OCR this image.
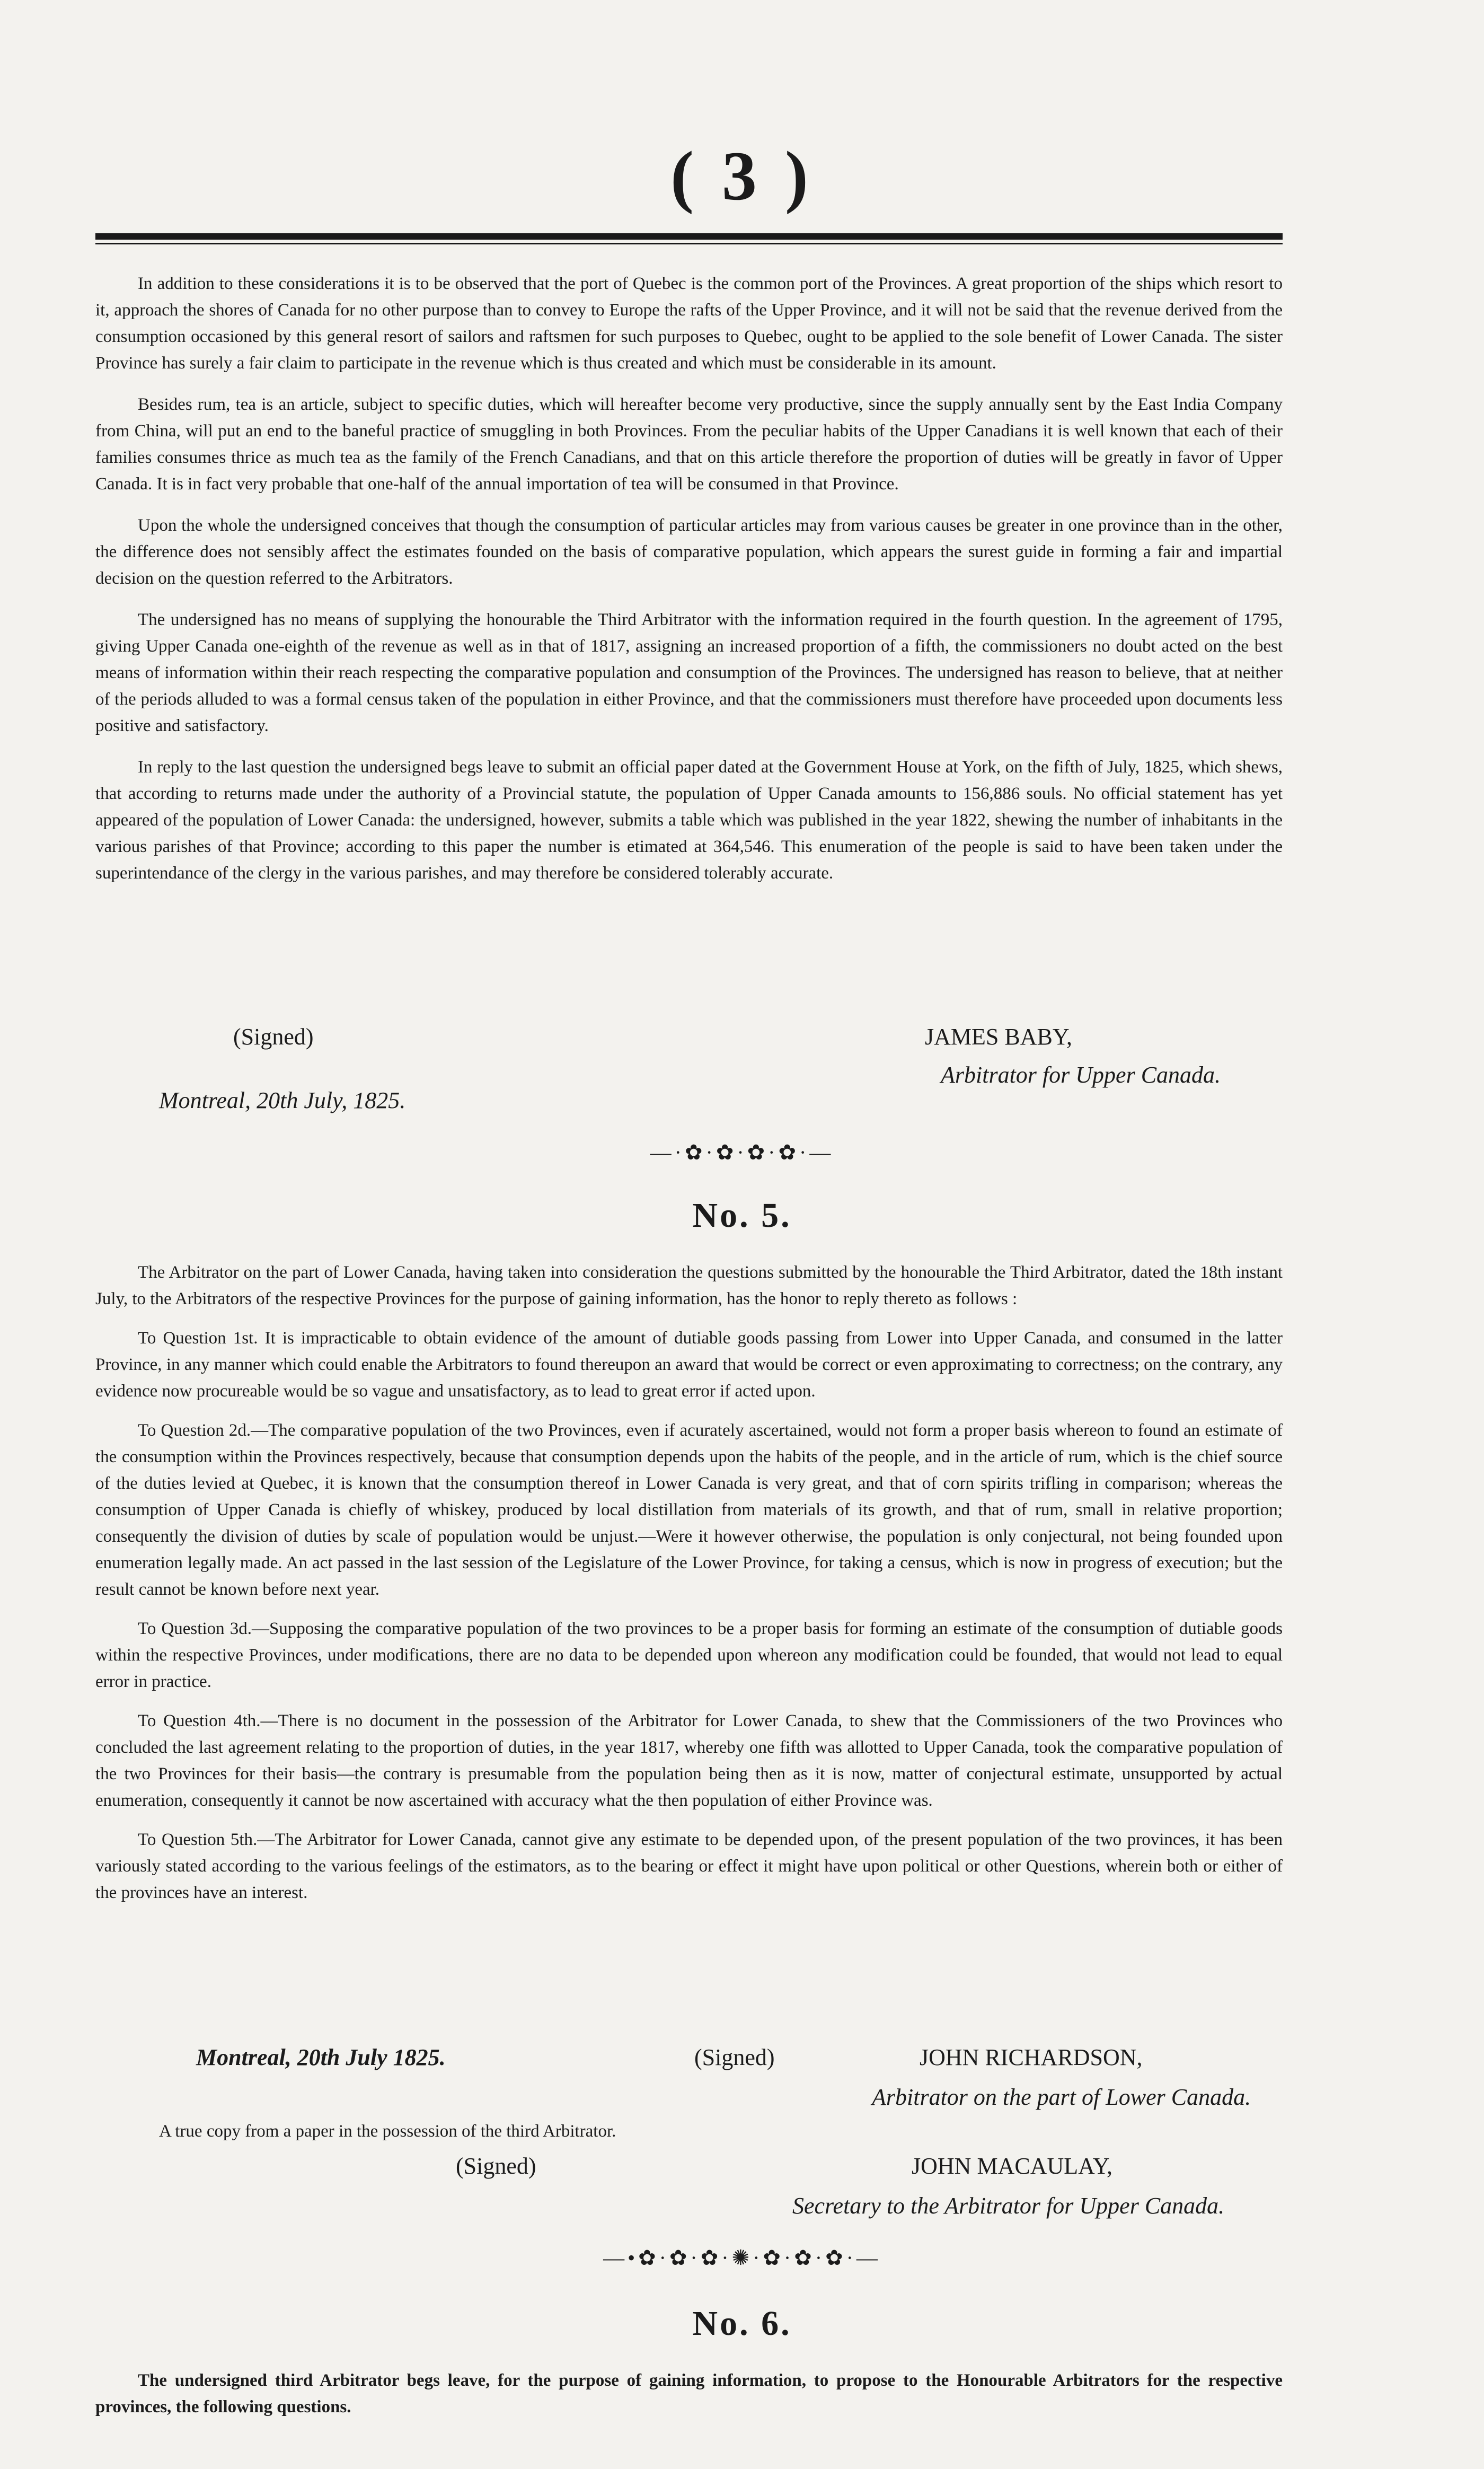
( 3 )

In addition to these considerations it is to be observed that the port of Quebec is the common port of the Provinces. A great proportion of the ships which resort to it, approach the shores of Canada for no other purpose than to convey to Europe the rafts of the Upper Province, and it will not be said that the revenue derived from the consumption occasioned by this general resort of sailors and raftsmen for such purposes to Quebec, ought to be applied to the sole benefit of Lower Canada. The sister Province has surely a fair claim to participate in the revenue which is thus created and which must be considerable in its amount.

Besides rum, tea is an article, subject to specific duties, which will hereafter become very productive, since the supply annually sent by the East India Company from China, will put an end to the baneful practice of smuggling in both Provinces. From the peculiar habits of the Upper Canadians it is well known that each of their families consumes thrice as much tea as the family of the French Canadians, and that on this article therefore the proportion of duties will be greatly in favor of Upper Canada. It is in fact very probable that one-half of the annual importation of tea will be consumed in that Province.

Upon the whole the undersigned conceives that though the consumption of particular articles may from various causes be greater in one province than in the other, the difference does not sensibly affect the estimates founded on the basis of comparative population, which appears the surest guide in forming a fair and impartial decision on the question referred to the Arbitrators.

The undersigned has no means of supplying the honourable the Third Arbitrator with the information required in the fourth question. In the agreement of 1795, giving Upper Canada one-eighth of the revenue as well as in that of 1817, assigning an increased proportion of a fifth, the commissioners no doubt acted on the best means of information within their reach respecting the comparative population and consumption of the Provinces. The undersigned has reason to believe, that at neither of the periods alluded to was a formal census taken of the population in either Province, and that the commissioners must therefore have proceeded upon documents less positive and satisfactory.

In reply to the last question the undersigned begs leave to submit an official paper dated at the Government House at York, on the fifth of July, 1825, which shews, that according to returns made under the authority of a Provincial statute, the population of Upper Canada amounts to 156,886 souls. No official statement has yet appeared of the population of Lower Canada: the undersigned, however, submits a table which was published in the year 1822, shewing the number of inhabitants in the various parishes of that Province; according to this paper the number is etimated at 364,546. This enumeration of the people is said to have been taken under the superintendance of the clergy in the various parishes, and may therefore be considered tolerably accurate.

(Signed)	JAMES BABY,
Arbitrator for Upper Canada.
Montreal, 20th July, 1825.
—·✿·✿·✿·✿·—
No. 5.

The Arbitrator on the part of Lower Canada, having taken into consideration the questions submitted by the honourable the Third Arbitrator, dated the 18th instant July, to the Arbitrators of the respective Provinces for the purpose of gaining information, has the honor to reply thereto as follows :

To Question 1st. It is impracticable to obtain evidence of the amount of dutiable goods passing from Lower into Upper Canada, and consumed in the latter Province, in any manner which could enable the Arbitrators to found thereupon an award that would be correct or even approximating to correctness; on the contrary, any evidence now procureable would be so vague and unsatisfactory, as to lead to great error if acted upon.

To Question 2d.—The comparative population of the two Provinces, even if acurately ascertained, would not form a proper basis whereon to found an estimate of the consumption within the Provinces respectively, because that consumption depends upon the habits of the people, and in the article of rum, which is the chief source of the duties levied at Quebec, it is known that the consumption thereof in Lower Canada is very great, and that of corn spirits trifling in comparison; whereas the consumption of Upper Canada is chiefly of whiskey, produced by local distillation from materials of its growth, and that of rum, small in relative proportion; consequently the division of duties by scale of population would be unjust.—Were it however otherwise, the population is only conjectural, not being founded upon enumeration legally made. An act passed in the last session of the Legislature of the Lower Province, for taking a census, which is now in progress of execution; but the result cannot be known before next year.

To Question 3d.—Supposing the comparative population of the two provinces to be a proper basis for forming an estimate of the consumption of dutiable goods within the respective Provinces, under modifications, there are no data to be depended upon whereon any modification could be founded, that would not lead to equal error in practice.

To Question 4th.—There is no document in the possession of the Arbitrator for Lower Canada, to shew that the Commissioners of the two Provinces who concluded the last agreement relating to the proportion of duties, in the year 1817, whereby one fifth was allotted to Upper Canada, took the comparative population of the two Provinces for their basis—the contrary is presumable from the population being then as it is now, matter of conjectural estimate, unsupported by actual enumeration, consequently it cannot be now ascertained with accuracy what the then population of either Province was.

To Question 5th.—The Arbitrator for Lower Canada, cannot give any estimate to be depended upon, of the present population of the two provinces, it has been variously stated according to the various feelings of the estimators, as to the bearing or effect it might have upon political or other Questions, wherein both or either of the provinces have an interest.

Montreal, 20th July 1825.	(Signed)	JOHN RICHARDSON,
Arbitrator on the part of Lower Canada.
A true copy from a paper in the possession of the third Arbitrator.
(Signed)	JOHN MACAULAY,
Secretary to the Arbitrator for Upper Canada.
—•✿·✿·✿·✺·✿·✿·✿·—
No. 6.

The undersigned third Arbitrator begs leave, for the purpose of gaining information, to propose to the Honourable Arbitrators for the respective provinces, the following questions.
